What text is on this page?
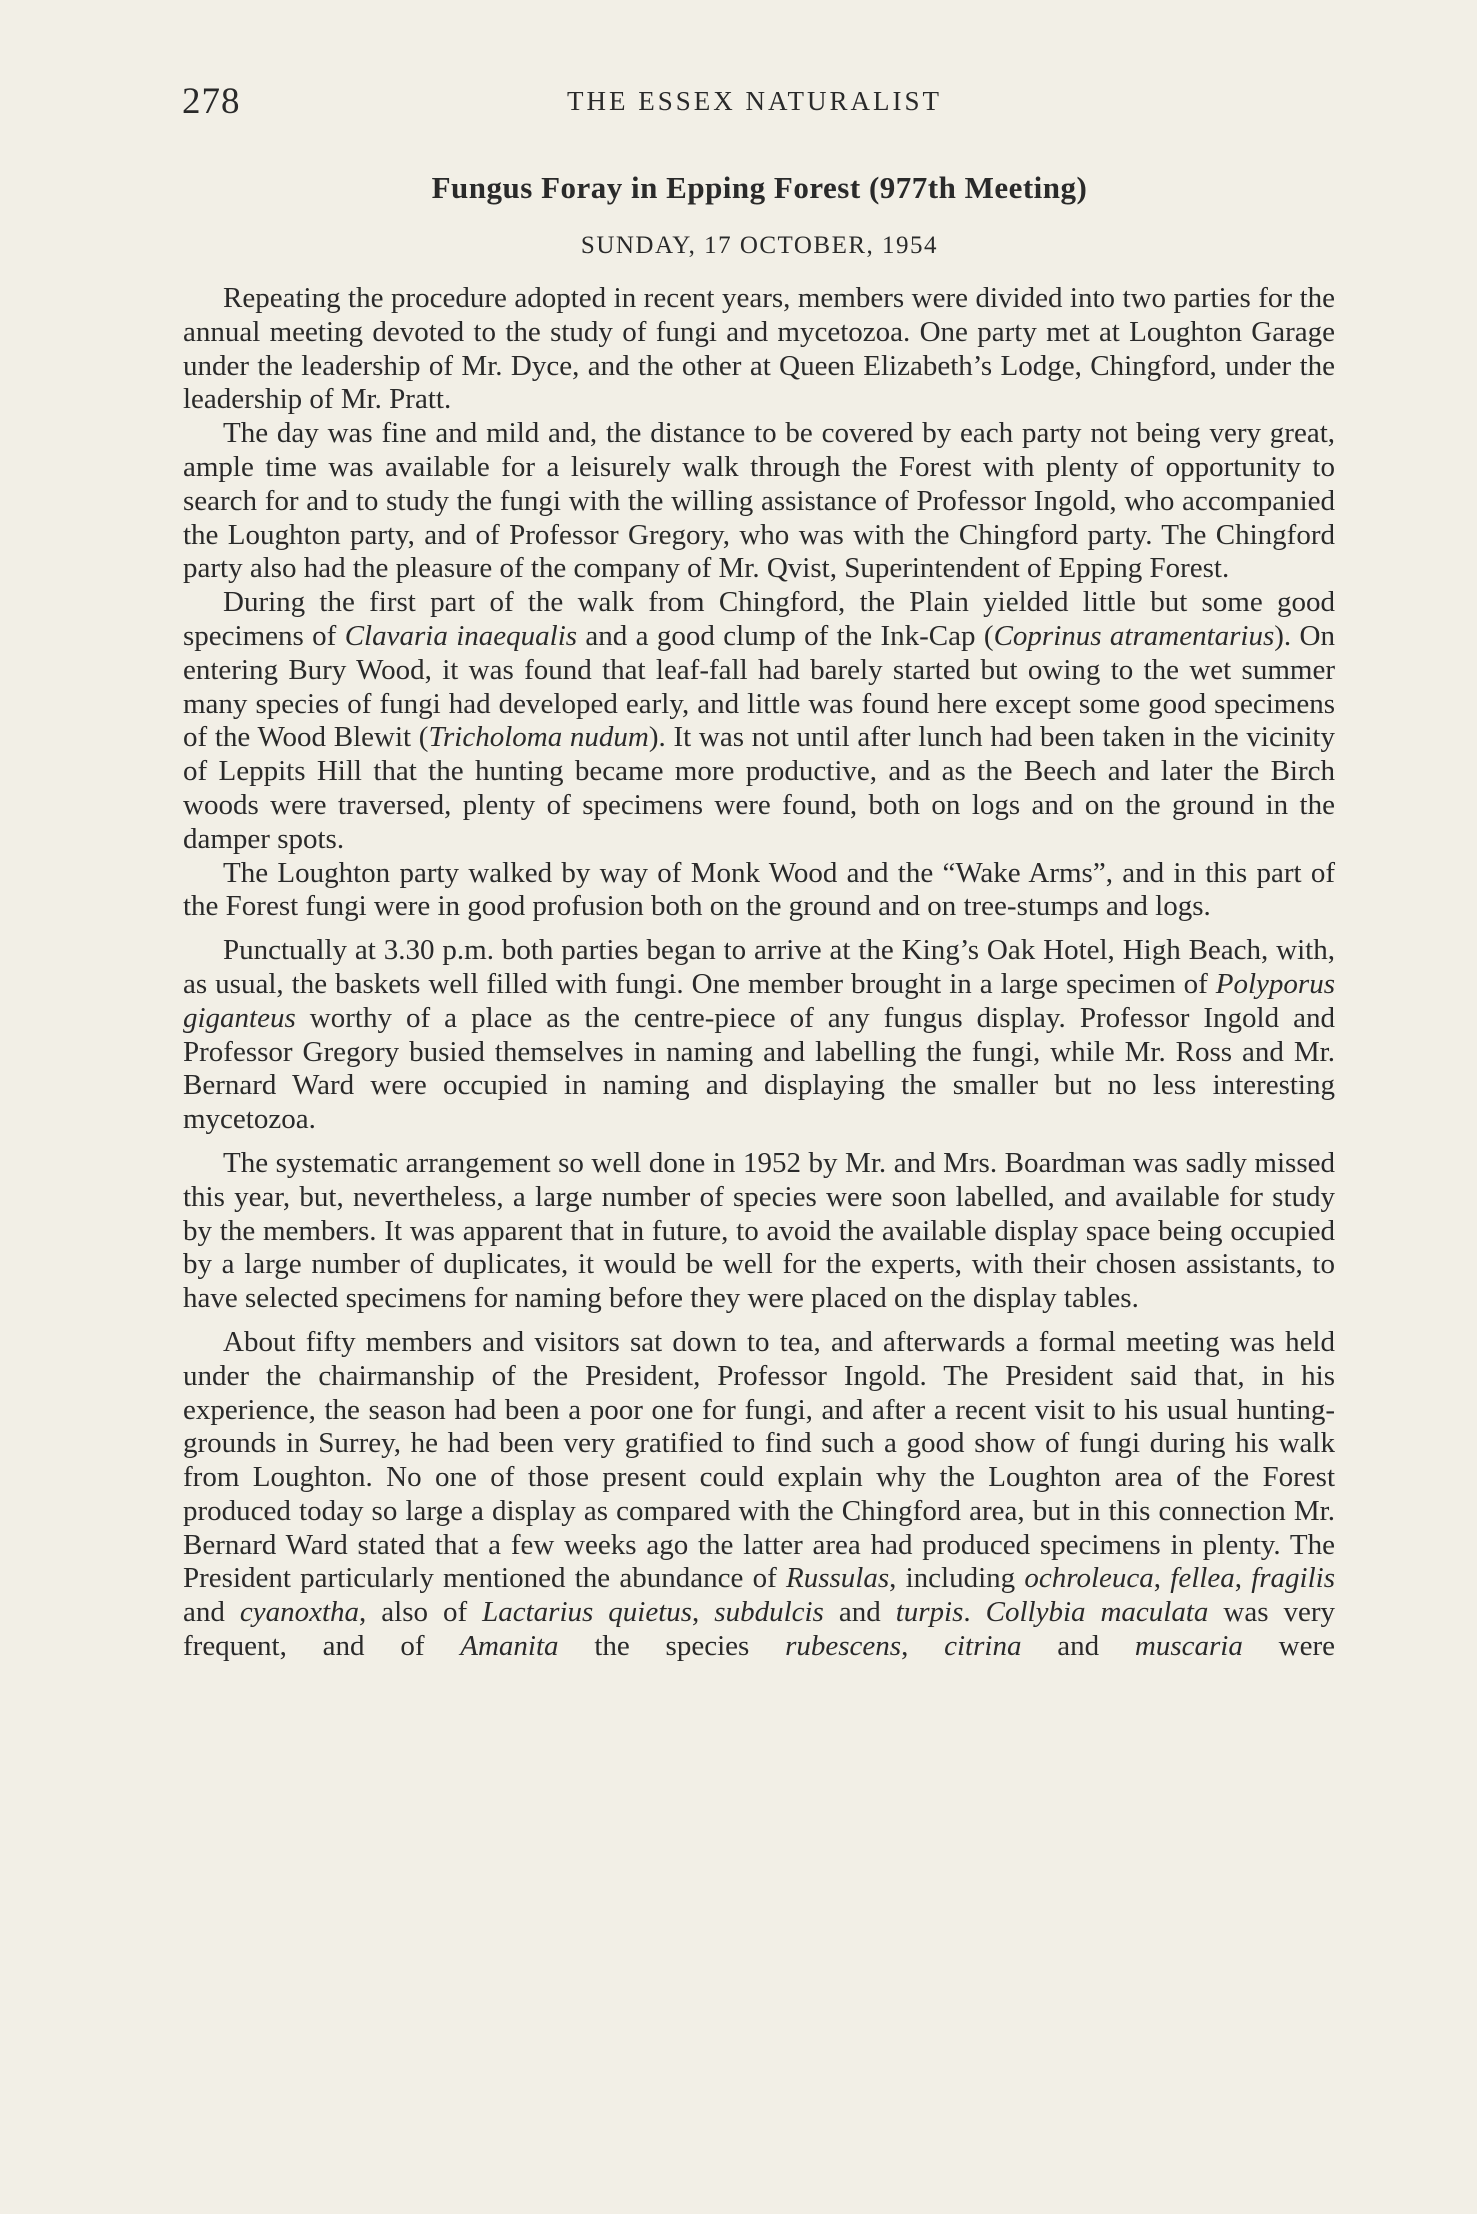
278	THE ESSEX NATURALIST
Fungus Foray in Epping Forest (977th Meeting)
SUNDAY, 17 OCTOBER, 1954

Repeating the procedure adopted in recent years, members were divided into two parties for the annual meeting devoted to the study of fungi and mycetozoa. One party met at Loughton Garage under the leadership of Mr. Dyce, and the other at Queen Elizabeth’s Lodge, Chingford, under the leadership of Mr. Pratt.

The day was fine and mild and, the distance to be covered by each party not being very great, ample time was available for a leisurely walk through the Forest with plenty of opportunity to search for and to study the fungi with the willing assistance of Professor Ingold, who accompanied the Loughton party, and of Professor Gregory, who was with the Chingford party. The Chingford party also had the pleasure of the company of Mr. Qvist, Superintendent of Epping Forest.

During the first part of the walk from Chingford, the Plain yielded little but some good specimens of Clavaria inaequalis and a good clump of the Ink-Cap (Coprinus atramentarius). On entering Bury Wood, it was found that leaf-fall had barely started but owing to the wet summer many species of fungi had developed early, and little was found here except some good specimens of the Wood Blewit (Tricholoma nudum). It was not until after lunch had been taken in the vicinity of Leppits Hill that the hunting became more productive, and as the Beech and later the Birch woods were traversed, plenty of specimens were found, both on logs and on the ground in the damper spots.

The Loughton party walked by way of Monk Wood and the “Wake Arms”, and in this part of the Forest fungi were in good profusion both on the ground and on tree-stumps and logs.

Punctually at 3.30 p.m. both parties began to arrive at the King’s Oak Hotel, High Beach, with, as usual, the baskets well filled with fungi. One member brought in a large specimen of Polyporus giganteus worthy of a place as the centre-piece of any fungus display. Professor Ingold and Professor Gregory busied themselves in naming and labelling the fungi, while Mr. Ross and Mr. Bernard Ward were occupied in naming and displaying the smaller but no less interesting mycetozoa.

The systematic arrangement so well done in 1952 by Mr. and Mrs. Boardman was sadly missed this year, but, nevertheless, a large number of species were soon labelled, and available for study by the members. It was apparent that in future, to avoid the available display space being occupied by a large number of duplicates, it would be well for the experts, with their chosen assistants, to have selected specimens for naming before they were placed on the display tables.

About fifty members and visitors sat down to tea, and afterwards a formal meeting was held under the chairmanship of the President, Professor Ingold. The President said that, in his experience, the season had been a poor one for fungi, and after a recent visit to his usual hunting-grounds in Surrey, he had been very gratified to find such a good show of fungi during his walk from Loughton. No one of those present could explain why the Loughton area of the Forest produced today so large a display as compared with the Chingford area, but in this connection Mr. Bernard Ward stated that a few weeks ago the latter area had produced specimens in plenty. The President particularly mentioned the abundance of Russulas, including ochroleuca, fellea, fragilis and cyanoxtha, also of Lactarius quietus, subdulcis and turpis. Collybia maculata was very frequent, and of Amanita the species rubescens, citrina and muscaria were
